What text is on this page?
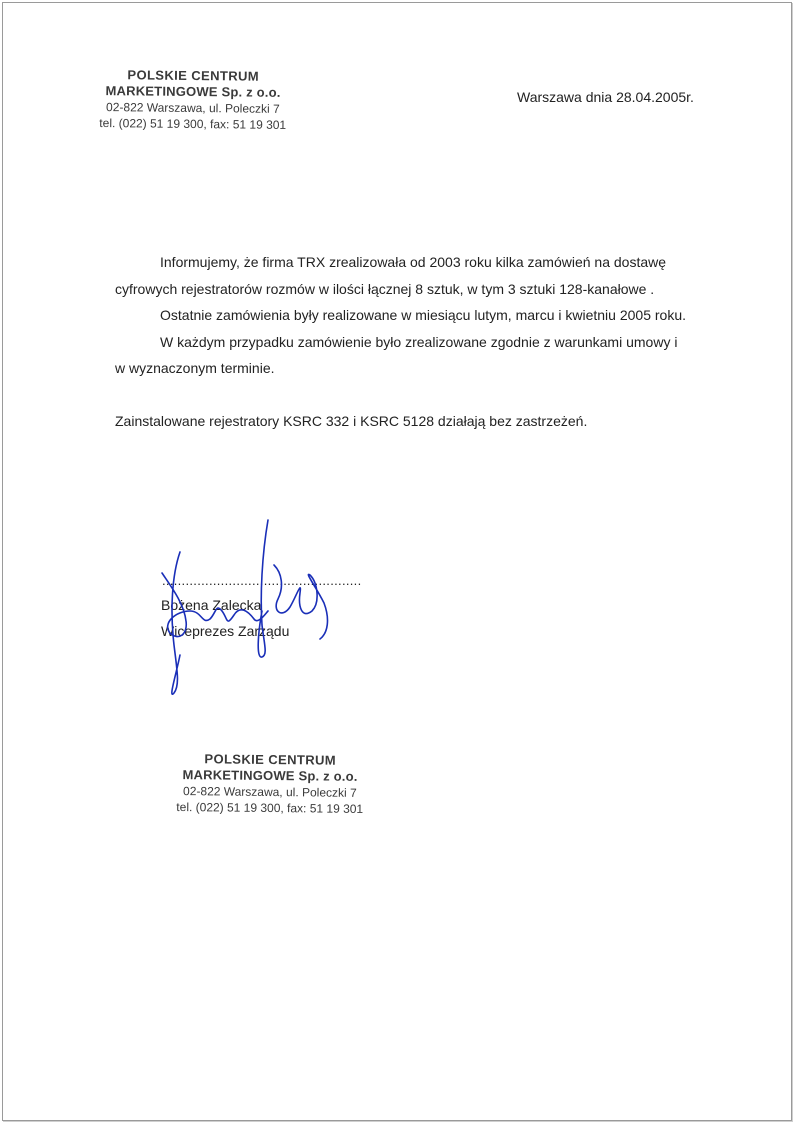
POLSKIE CENTRUM
MARKETINGOWE Sp. z o.o.
02-822 Warszawa, ul. Poleczki 7
tel. (022) 51 19 300, fax: 51 19 301
Warszawa dnia 28.04.2005r.

Informujemy, że firma TRX zrealizowała od 2003 roku kilka zamówień na dostawę cyfrowych rejestratorów rozmów w ilości łącznej 8 sztuk, w tym 3 sztuki 128-kanałowe .

Ostatnie zamówienia były realizowane w miesiącu lutym, marcu i kwietniu 2005 roku.

W każdym przypadku zamówienie było zrealizowane zgodnie z warunkami umowy i w wyznaczonym terminie.

Zainstalowane rejestratory KSRC 332 i KSRC 5128 działają bez zastrzeżeń.

...................................................
Bożena Zalecka
Wiceprezes Zarządu
POLSKIE CENTRUM
MARKETINGOWE Sp. z o.o.
02-822 Warszawa, ul. Poleczki 7
tel. (022) 51 19 300, fax: 51 19 301
